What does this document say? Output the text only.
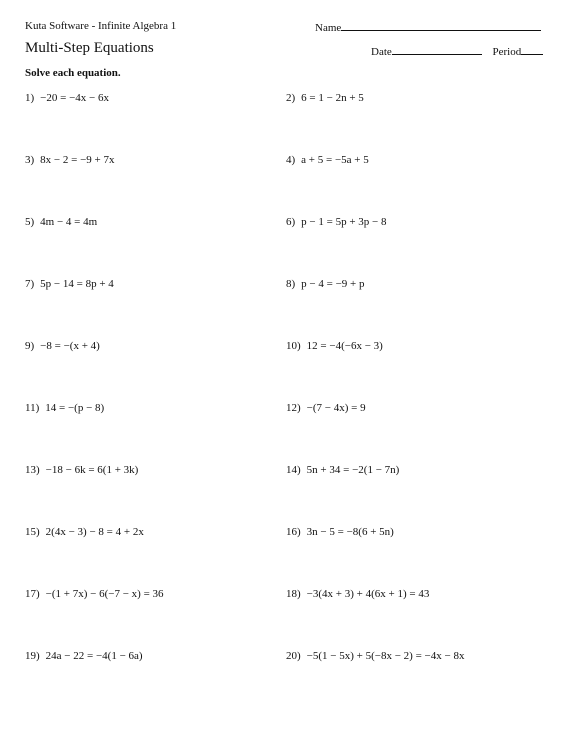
Kuta Software - Infinite Algebra 1	Name
Multi-Step Equations	Date	Period
Solve each equation.
1) −20 = −4x − 6x	2) 6 = 1 − 2n + 5
3) 8x − 2 = −9 + 7x	4) a + 5 = −5a + 5
5) 4m − 4 = 4m	6) p − 1 = 5p + 3p − 8
7) 5p − 14 = 8p + 4	8) p − 4 = −9 + p
9) −8 = −(x + 4)	10) 12 = −4(−6x − 3)
11) 14 = −(p − 8)	12) −(7 − 4x) = 9
13) −18 − 6k = 6(1 + 3k)	14) 5n + 34 = −2(1 − 7n)
15) 2(4x − 3) − 8 = 4 + 2x	16) 3n − 5 = −8(6 + 5n)
17) −(1 + 7x) − 6(−7 − x) = 36	18) −3(4x + 3) + 4(6x + 1) = 43
19) 24a − 22 = −4(1 − 6a)	20) −5(1 − 5x) + 5(−8x − 2) = −4x − 8x
